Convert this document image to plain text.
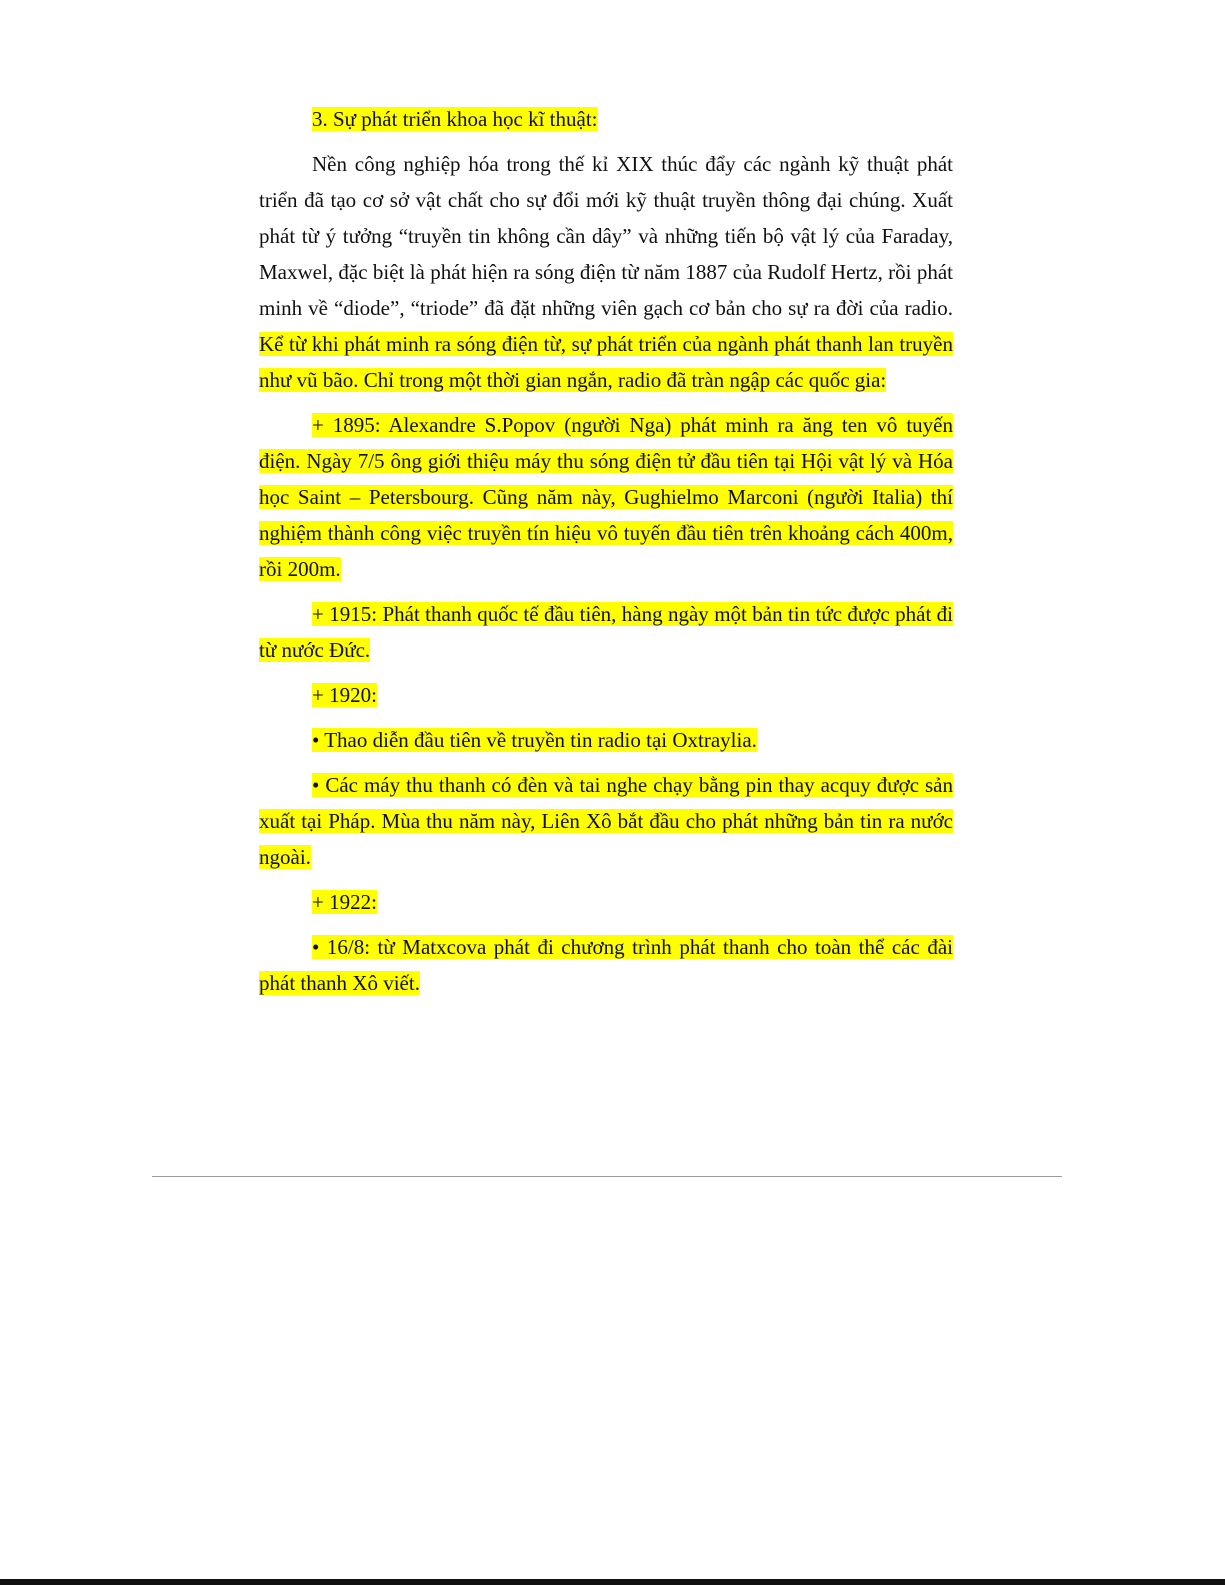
3. Sự phát triển khoa học kĩ thuật:

Nền công nghiệp hóa trong thế kỉ XIX thúc đẩy các ngành kỹ thuật phát triển đã tạo cơ sở vật chất cho sự đổi mới kỹ thuật truyền thông đại chúng. Xuất phát từ ý tưởng “truyền tin không cần dây” và những tiến bộ vật lý của Faraday, Maxwel, đặc biệt là phát hiện ra sóng điện từ năm 1887 của Rudolf Hertz, rồi phát minh về “diode”, “triode” đã đặt những viên gạch cơ bản cho sự ra đời của radio. Kể từ khi phát minh ra sóng điện từ, sự phát triển của ngành phát thanh lan truyền như vũ bão. Chỉ trong một thời gian ngắn, radio đã tràn ngập các quốc gia:

+ 1895: Alexandre S.Popov (người Nga) phát minh ra ăng ten vô tuyến điện. Ngày 7/5 ông giới thiệu máy thu sóng điện tử đầu tiên tại Hội vật lý và Hóa học Saint – Petersbourg. Cũng năm này, Gughielmo Marconi (người Italia) thí nghiệm thành công việc truyền tín hiệu vô tuyến đầu tiên trên khoảng cách 400m, rồi 200m.

+ 1915: Phát thanh quốc tế đầu tiên, hàng ngày một bản tin tức được phát đi từ nước Đức.

+ 1920:

• Thao diễn đầu tiên về truyền tin radio tại Oxtraylia.

• Các máy thu thanh có đèn và tai nghe chạy bằng pin thay acquy được sản xuất tại Pháp. Mùa thu năm này, Liên Xô bắt đầu cho phát những bản tin ra nước ngoài.

+ 1922:

• 16/8: từ Matxcova phát đi chương trình phát thanh cho toàn thể các đài phát thanh Xô viết.
